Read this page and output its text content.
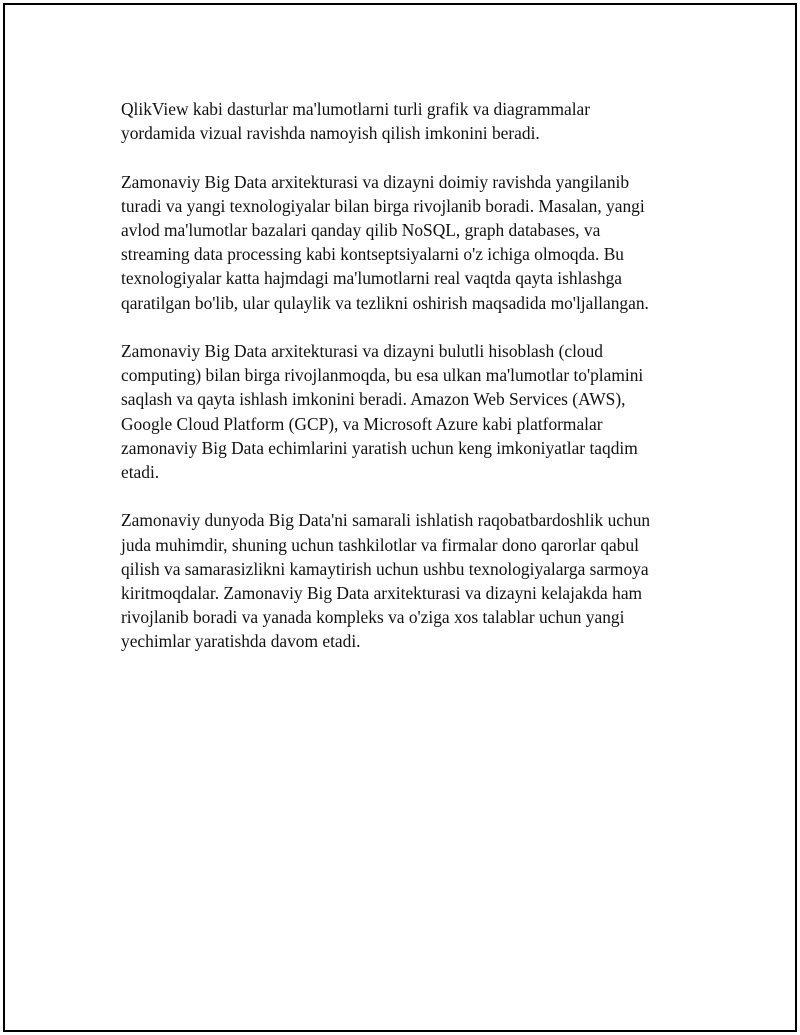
QlikView kabi dasturlar ma'lumotlarni turli grafik va diagrammalar
yordamida vizual ravishda namoyish qilish imkonini beradi.

Zamonaviy Big Data arxitekturasi va dizayni doimiy ravishda yangilanib
turadi va yangi texnologiyalar bilan birga rivojlanib boradi. Masalan, yangi
avlod ma'lumotlar bazalari qanday qilib NoSQL, graph databases, va
streaming data processing kabi kontseptsiyalarni o'z ichiga olmoqda. Bu
texnologiyalar katta hajmdagi ma'lumotlarni real vaqtda qayta ishlashga
qaratilgan bo'lib, ular qulaylik va tezlikni oshirish maqsadida mo'ljallangan.

Zamonaviy Big Data arxitekturasi va dizayni bulutli hisoblash (cloud
computing) bilan birga rivojlanmoqda, bu esa ulkan ma'lumotlar to'plamini
saqlash va qayta ishlash imkonini beradi. Amazon Web Services (AWS),
Google Cloud Platform (GCP), va Microsoft Azure kabi platformalar
zamonaviy Big Data echimlarini yaratish uchun keng imkoniyatlar taqdim
etadi.

Zamonaviy dunyoda Big Data'ni samarali ishlatish raqobatbardoshlik uchun
juda muhimdir, shuning uchun tashkilotlar va firmalar dono qarorlar qabul
qilish va samarasizlikni kamaytirish uchun ushbu texnologiyalarga sarmoya
kiritmoqdalar. Zamonaviy Big Data arxitekturasi va dizayni kelajakda ham
rivojlanib boradi va yanada kompleks va o'ziga xos talablar uchun yangi
yechimlar yaratishda davom etadi.
